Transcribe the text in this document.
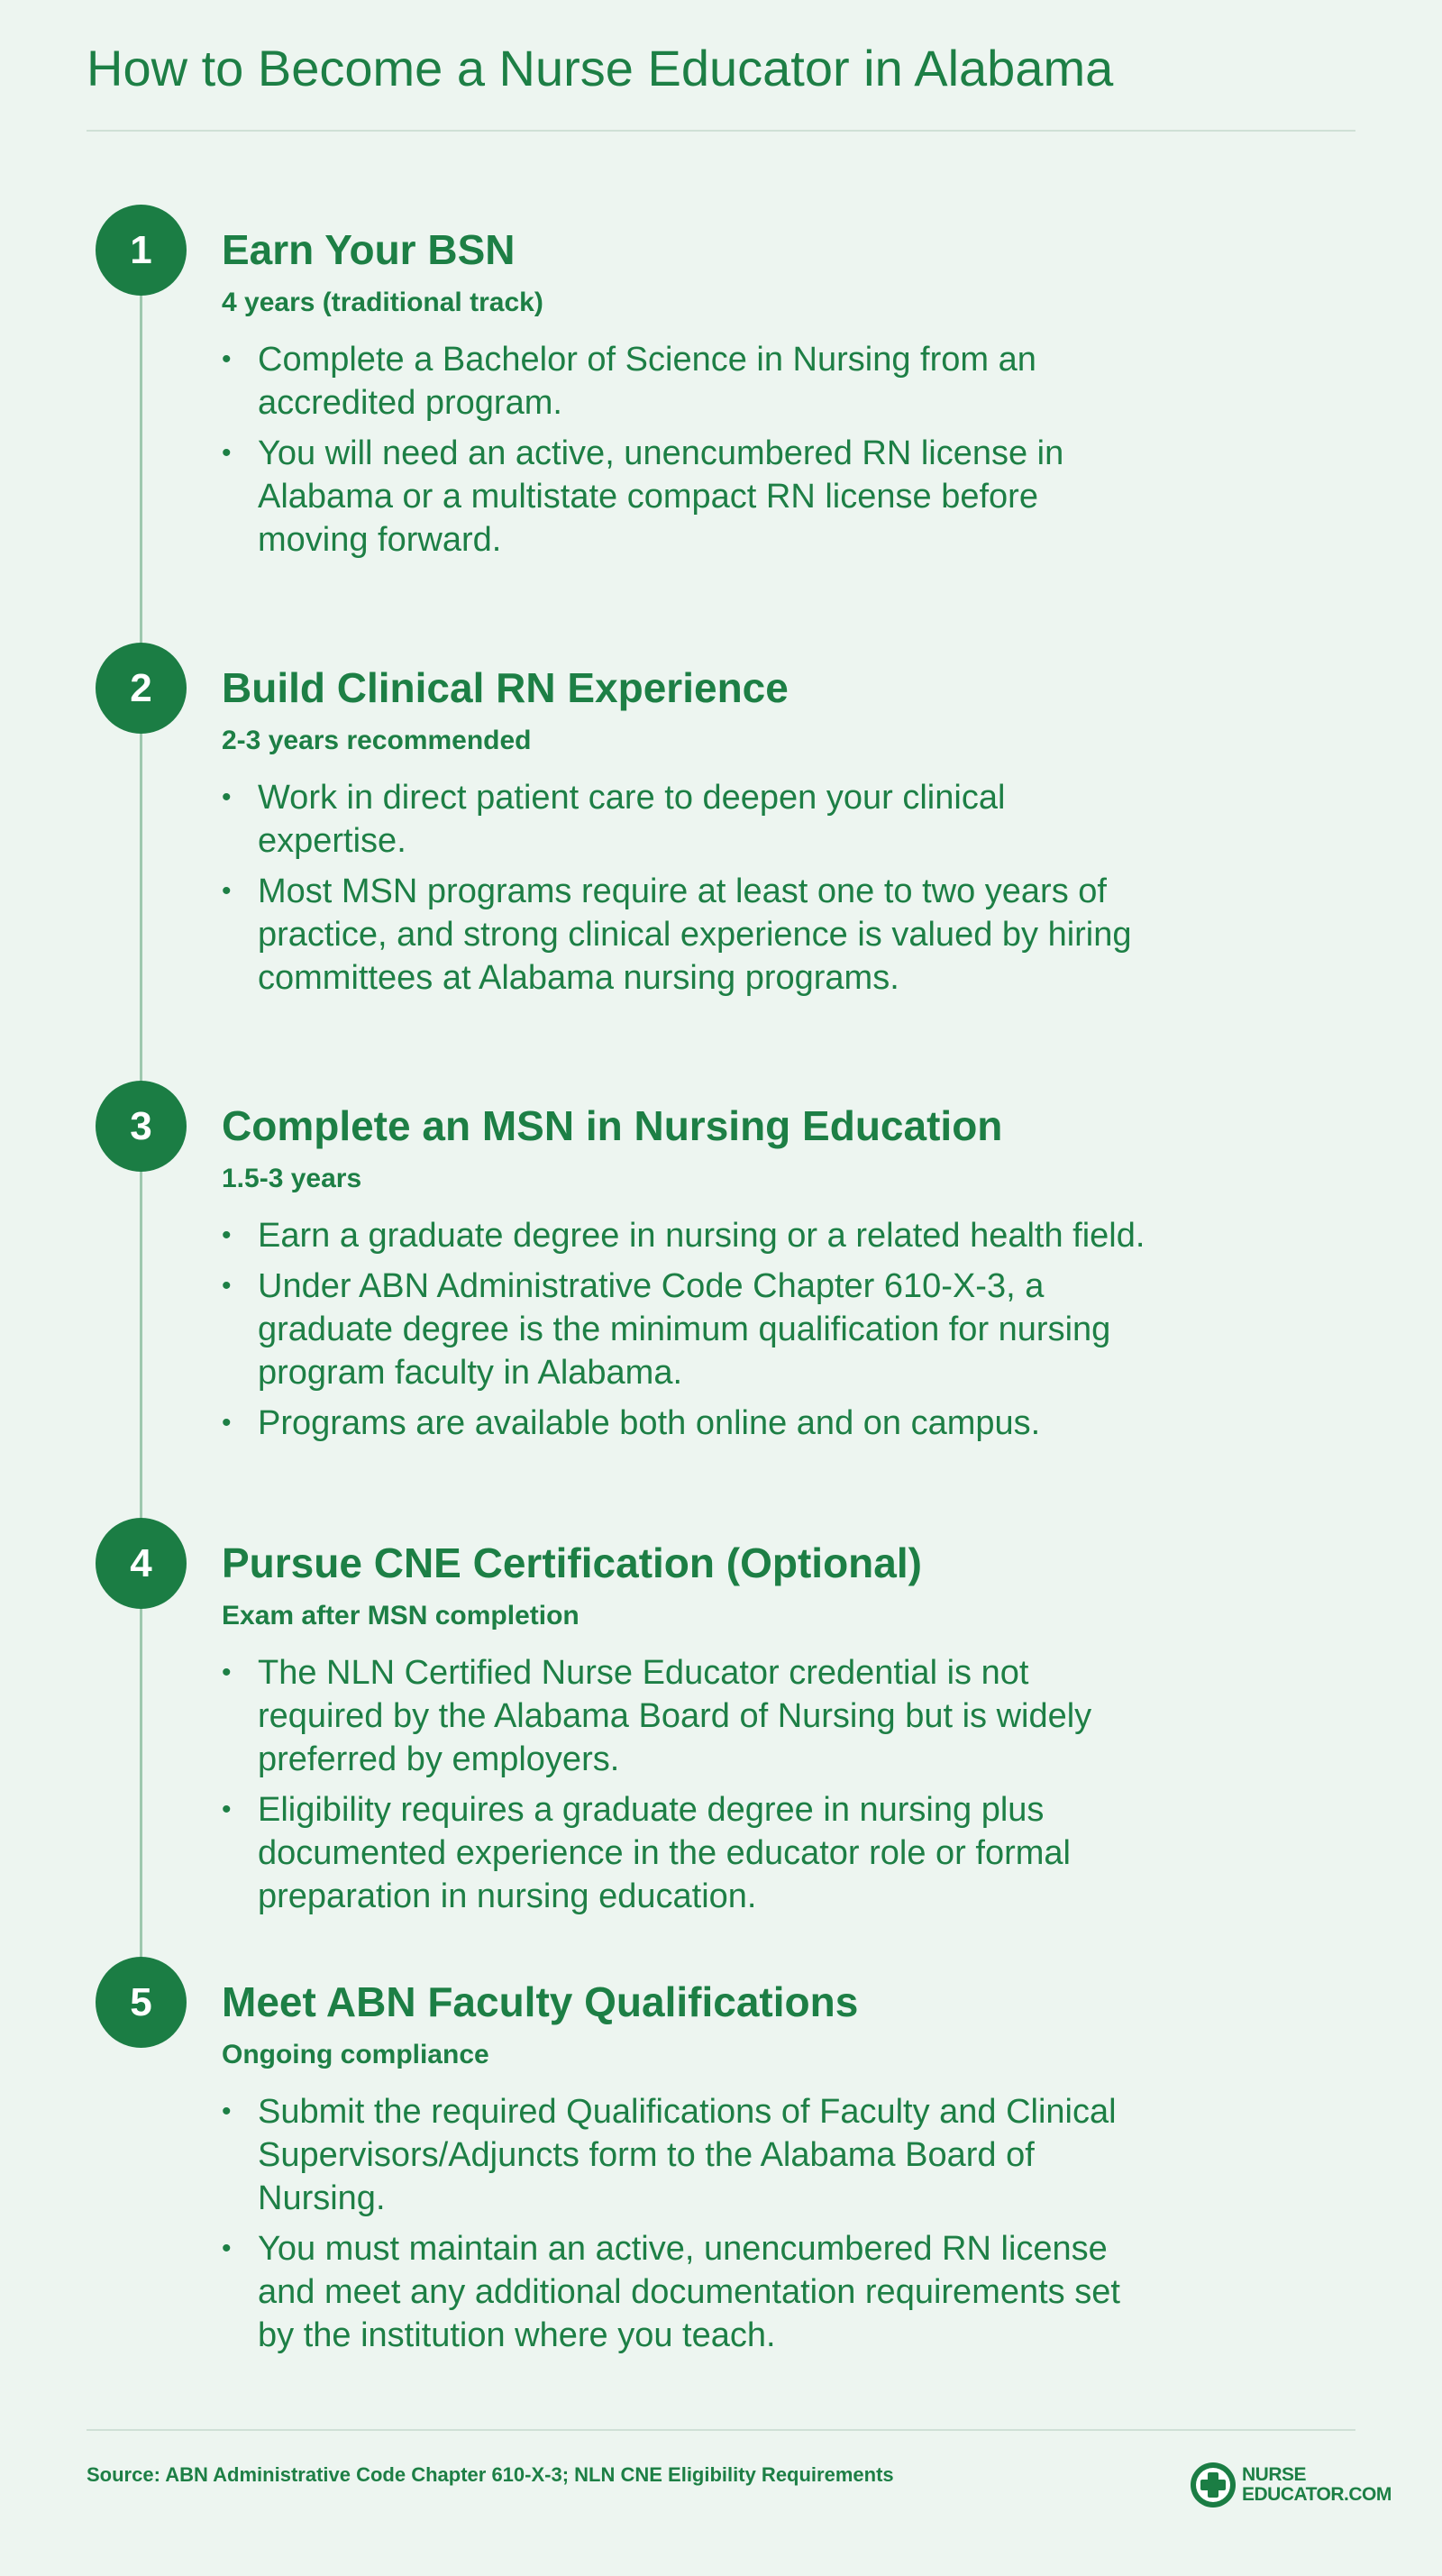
How to Become a Nurse Educator in Alabama
1	Earn Your BSN
4 years (traditional track)
• Complete a Bachelor of Science in Nursing from an accredited program.
• You will need an active, unencumbered RN license in Alabama or a multistate compact RN license before moving forward.
2	Build Clinical RN Experience
2-3 years recommended
• Work in direct patient care to deepen your clinical expertise.
• Most MSN programs require at least one to two years of practice, and strong clinical experience is valued by hiring committees at Alabama nursing programs.
3	Complete an MSN in Nursing Education
1.5-3 years
• Earn a graduate degree in nursing or a related health field.
• Under ABN Administrative Code Chapter 610-X-3, a graduate degree is the minimum qualification for nursing program faculty in Alabama.
• Programs are available both online and on campus.
4	Pursue CNE Certification (Optional)
Exam after MSN completion
• The NLN Certified Nurse Educator credential is not required by the Alabama Board of Nursing but is widely preferred by employers.
• Eligibility requires a graduate degree in nursing plus documented experience in the educator role or formal preparation in nursing education.
5	Meet ABN Faculty Qualifications
Ongoing compliance
• Submit the required Qualifications of Faculty and Clinical Supervisors/Adjuncts form to the Alabama Board of Nursing.
• You must maintain an active, unencumbered RN license and meet any additional documentation requirements set by the institution where you teach.
Source: ABN Administrative Code Chapter 610-X-3; NLN CNE Eligibility Requirements	NURSE
EDUCATOR.COM
